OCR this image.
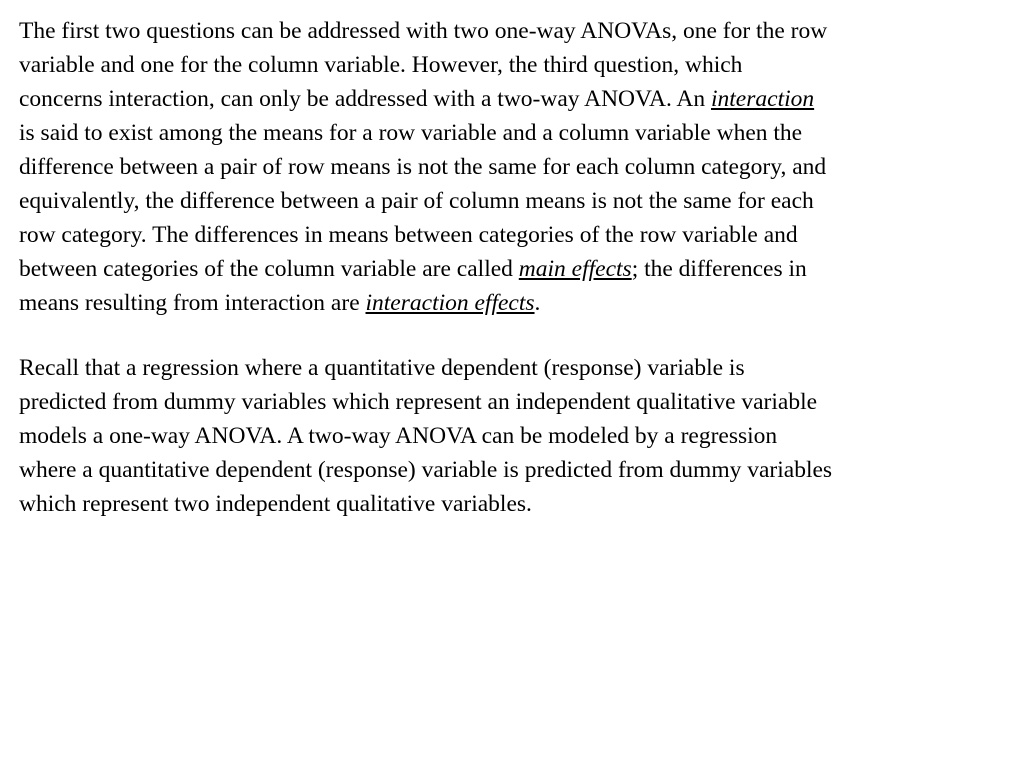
The first two questions can be addressed with two one-way ANOVAs, one for the row
variable and one for the column variable. However, the third question, which
concerns interaction, can only be addressed with a two-way ANOVA. An interaction
is said to exist among the means for a row variable and a column variable when the
difference between a pair of row means is not the same for each column category, and
equivalently, the difference between a pair of column means is not the same for each
row category. The differences in means between categories of the row variable and
between categories of the column variable are called main effects; the differences in
means resulting from interaction are interaction effects.

Recall that a regression where a quantitative dependent (response) variable is
predicted from dummy variables which represent an independent qualitative variable
models a one-way ANOVA. A two-way ANOVA can be modeled by a regression
where a quantitative dependent (response) variable is predicted from dummy variables
which represent two independent qualitative variables.
